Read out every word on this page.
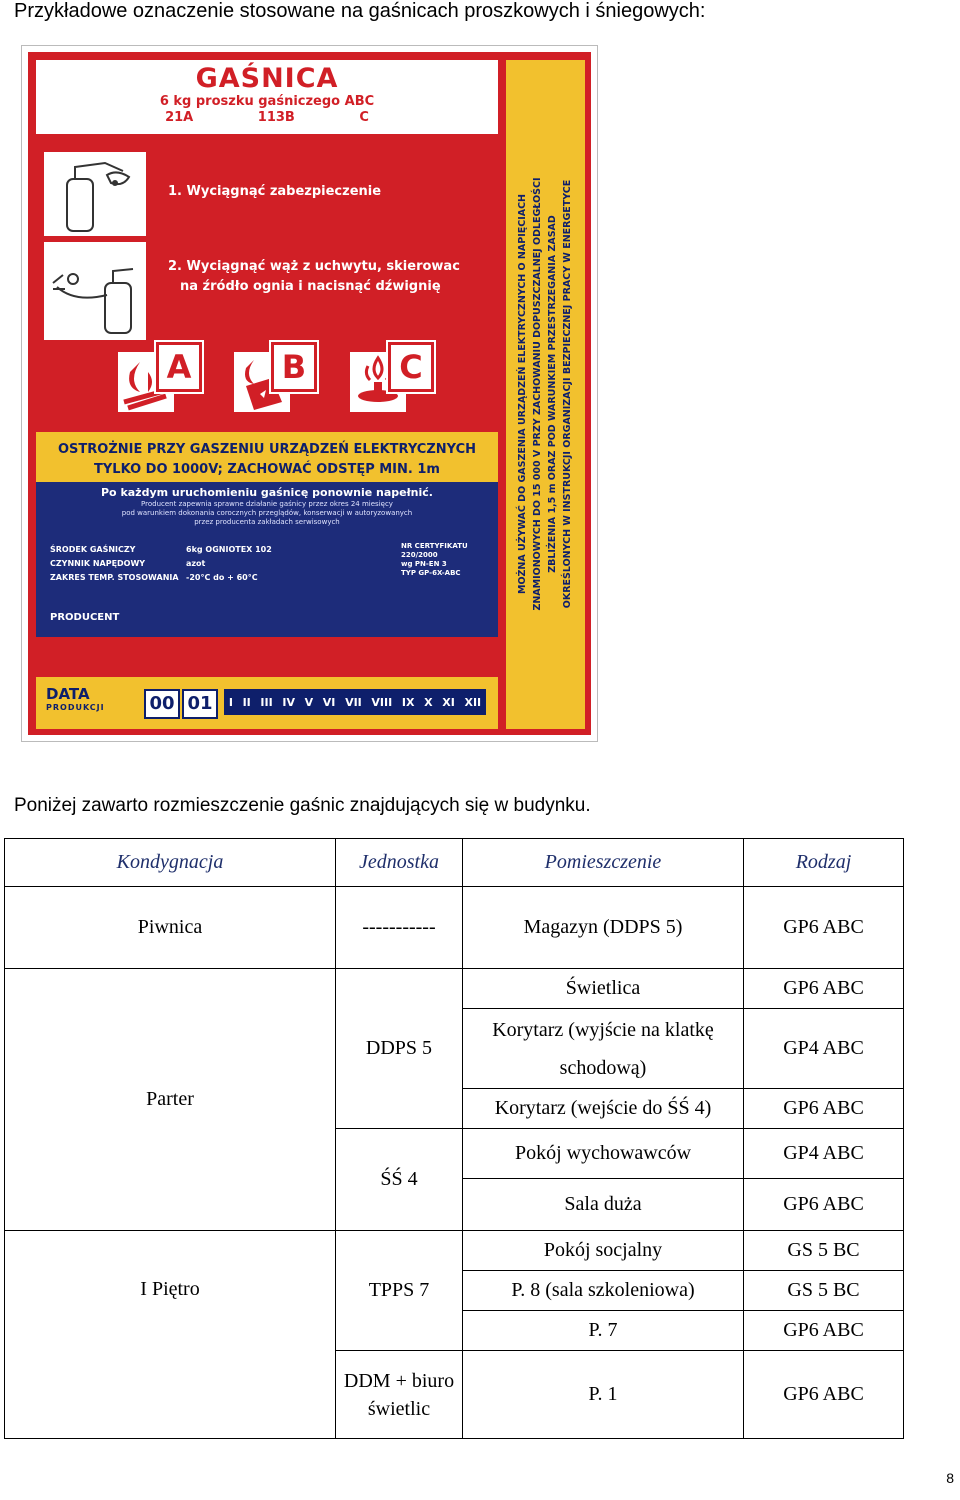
Przykładowe oznaczenie stosowane na gaśnicach proszkowych i śniegowych:
GAŚNICA
6 kg proszku gaśniczego ABC
21A 113B C
1. Wyciągnąć zabezpieczenie
2. Wyciągnąć wąż z uchwytu, skierowac
na źródło ognia i nacisnąć dźwignię
A	B	C
OSTROŻNIE PRZY GASZENIU URZĄDZEŃ ELEKTRYCZNYCH
TYLKO DO 1000V; ZACHOWAĆ ODSTĘP MIN. 1m
Po każdym uruchomieniu gaśnicę ponownie napełnić.
Producent zapewnia sprawne działanie gaśnicy przez okres 24 miesięcy
pod warunkiem dokonania corocznych przeglądów, konserwacji w autoryzowanych
przez producenta zakładach serwisowych
ŚRODEK GAŚNICZY	6kg OGNIOTEX 102
CZYNNIK NAPĘDOWY	azot
ZAKRES TEMP. STOSOWANIA -20°C do + 60°C
NR CERTYFIKATU
220/2000
wg PN-EN 3
TYP GP-6X-ABC
PRODUCENT
DATA
PRODUKCJI	00 01	I II III IV V VI VII VIII IX X XI XII
MOŻNA UŻYWAĆ DO GASZENIA URZĄDZEŃ ELEKTRYCZNYCH O NAPIĘCIACH ZNAMIONOWYCH DO 15 000 V PRZY ZACHOWANIU DOPUSZCZALNEJ ODLEGŁOŚCI ZBLIŻENIA 1,5 m ORAZ POD WARUNKIEM PRZESTRZEGANIA ZASAD OKREŚLONYCH W INSTRUKCJI ORGANIZACJI BEZPIECZNEJ PRACY W ENERGETYCE
Poniżej zawarto rozmieszczenie gaśnic znajdujących się w budynku.
Kondygnacja	Jednostka	Pomieszczenie	Rodzaj
Piwnica	-----------	Magazyn (DDPS 5)	GP6 ABC
Parter	DDPS 5	Świetlica	GP6 ABC
		Korytarz (wyjście na klatkę schodową)	GP4 ABC
		Korytarz (wejście do ŚŚ 4)	GP6 ABC
	ŚŚ 4	Pokój wychowawców	GP4 ABC
		Sala duża	GP6 ABC
I Piętro	TPPS 7	Pokój socjalny	GS 5 BC
		P. 8 (sala szkoleniowa)	GS 5 BC
		P. 7	GP6 ABC
	DDM + biuro świetlic	P. 1	GP6 ABC
8
